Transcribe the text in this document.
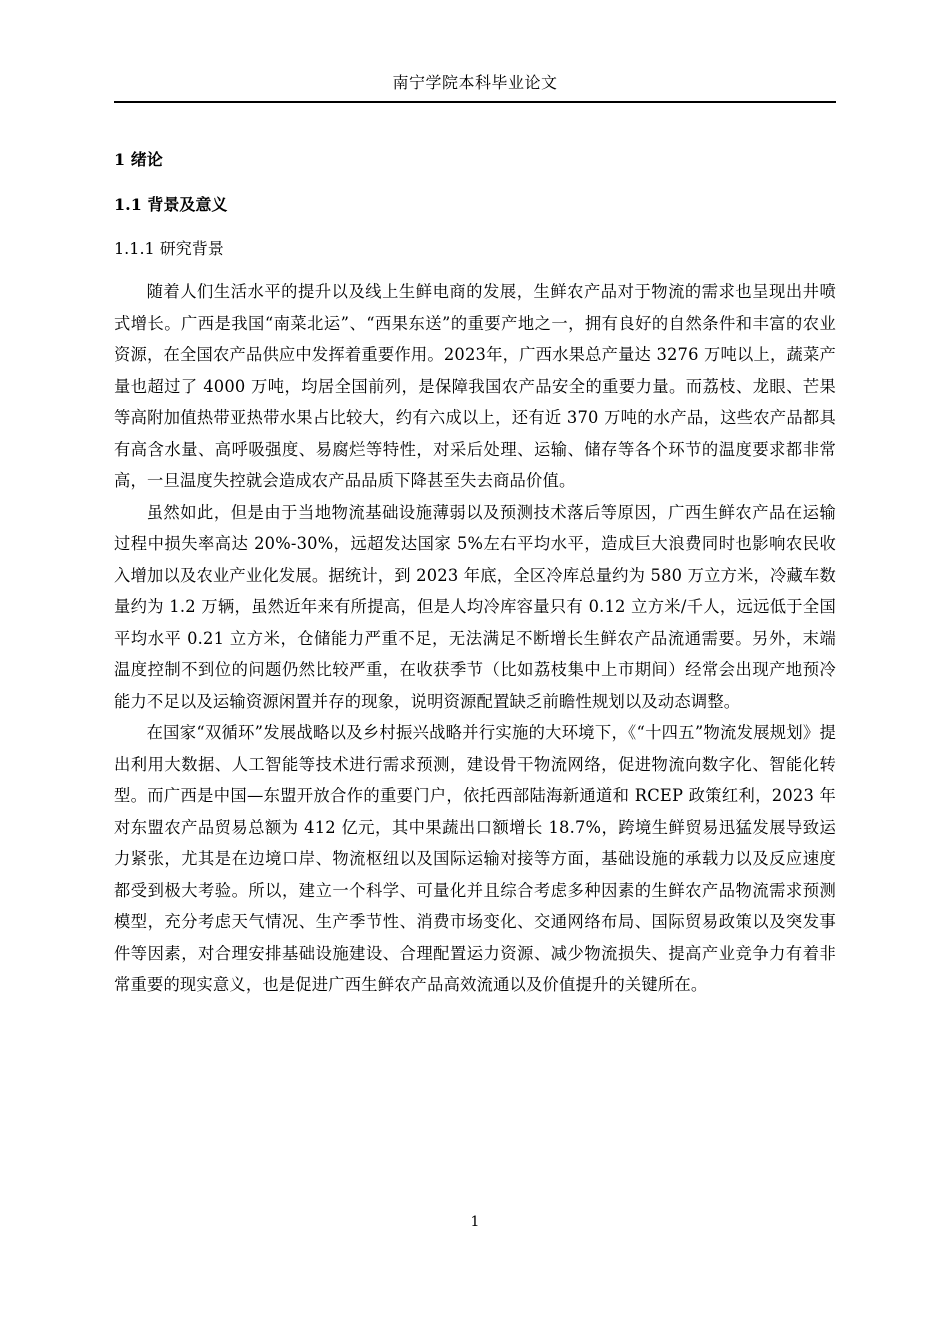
南宁学院本科毕业论文
1 绪论
1.1 背景及意义
1.1.1 研究背景

随着人们生活水平的提升以及线上生鲜电商的发展，生鲜农产品对于物流的需求也呈现出井喷式增长。广西是我国“南菜北运”、“西果东送”的重要产地之一，拥有良好的自然条件和丰富的农业资源，在全国农产品供应中发挥着重要作用。2023年，广西水果总产量达 3276 万吨以上，蔬菜产量也超过了 4000 万吨，均居全国前列，是保障我国农产品安全的重要力量。而荔枝、龙眼、芒果等高附加值热带亚热带水果占比较大，约有六成以上，还有近 370 万吨的水产品，这些农产品都具有高含水量、高呼吸强度、易腐烂等特性，对采后处理、运输、储存等各个环节的温度要求都非常高，一旦温度失控就会造成农产品品质下降甚至失去商品价值。

虽然如此，但是由于当地物流基础设施薄弱以及预测技术落后等原因，广西生鲜农产品在运输过程中损失率高达 20%-30%，远超发达国家 5%左右平均水平，造成巨大浪费同时也影响农民收入增加以及农业产业化发展。据统计，到 2023 年底，全区冷库总量约为 580 万立方米，冷藏车数量约为 1.2 万辆，虽然近年来有所提高，但是人均冷库容量只有 0.12 立方米/千人，远远低于全国平均水平 0.21 立方米，仓储能力严重不足，无法满足不断增长生鲜农产品流通需要。另外，末端温度控制不到位的问题仍然比较严重，在收获季节（比如荔枝集中上市期间）经常会出现产地预冷能力不足以及运输资源闲置并存的现象，说明资源配置缺乏前瞻性规划以及动态调整。

在国家“双循环”发展战略以及乡村振兴战略并行实施的大环境下，《“十四五”物流发展规划》提出利用大数据、人工智能等技术进行需求预测，建设骨干物流网络，促进物流向数字化、智能化转型。而广西是中国—东盟开放合作的重要门户，依托西部陆海新通道和 RCEP 政策红利，2023 年对东盟农产品贸易总额为 412 亿元，其中果蔬出口额增长 18.7%，跨境生鲜贸易迅猛发展导致运力紧张，尤其是在边境口岸、物流枢纽以及国际运输对接等方面，基础设施的承载力以及反应速度都受到极大考验。所以，建立一个科学、可量化并且综合考虑多种因素的生鲜农产品物流需求预测模型，充分考虑天气情况、生产季节性、消费市场变化、交通网络布局、国际贸易政策以及突发事件等因素，对合理安排基础设施建设、合理配置运力资源、减少物流损失、提高产业竞争力有着非常重要的现实意义，也是促进广西生鲜农产品高效流通以及价值提升的关键所在。

1
